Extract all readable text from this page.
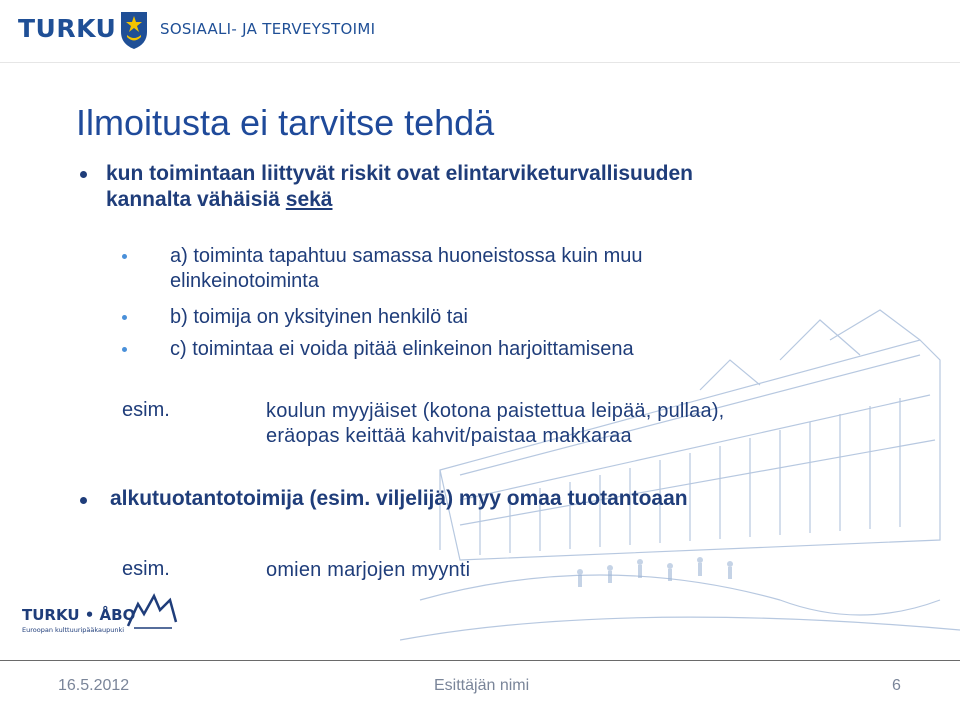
TURKU	SOSIAALI- JA TERVEYSTOIMI
Ilmoitusta ei tarvitse tehdä
kun toimintaan liittyvät riskit ovat elintarviketurvallisuuden
kannalta vähäisiä sekä
a) toiminta tapahtuu samassa huoneistossa kuin muu
elinkeinotoiminta
b) toimija on yksityinen henkilö tai
c) toimintaa ei voida pitää elinkeinon harjoittamisena
esim.	koulun myyjäiset (kotona paistettua leipää, pullaa),
eräopas keittää kahvit/paistaa makkaraa
alkutuotantotoimija (esim. viljelijä) myy omaa tuotantoaan
esim.	omien marjojen myynti
TURKU • ÅBO
Euroopan kulttuuripääkaupunki
16.5.2012	Esittäjän nimi	6
